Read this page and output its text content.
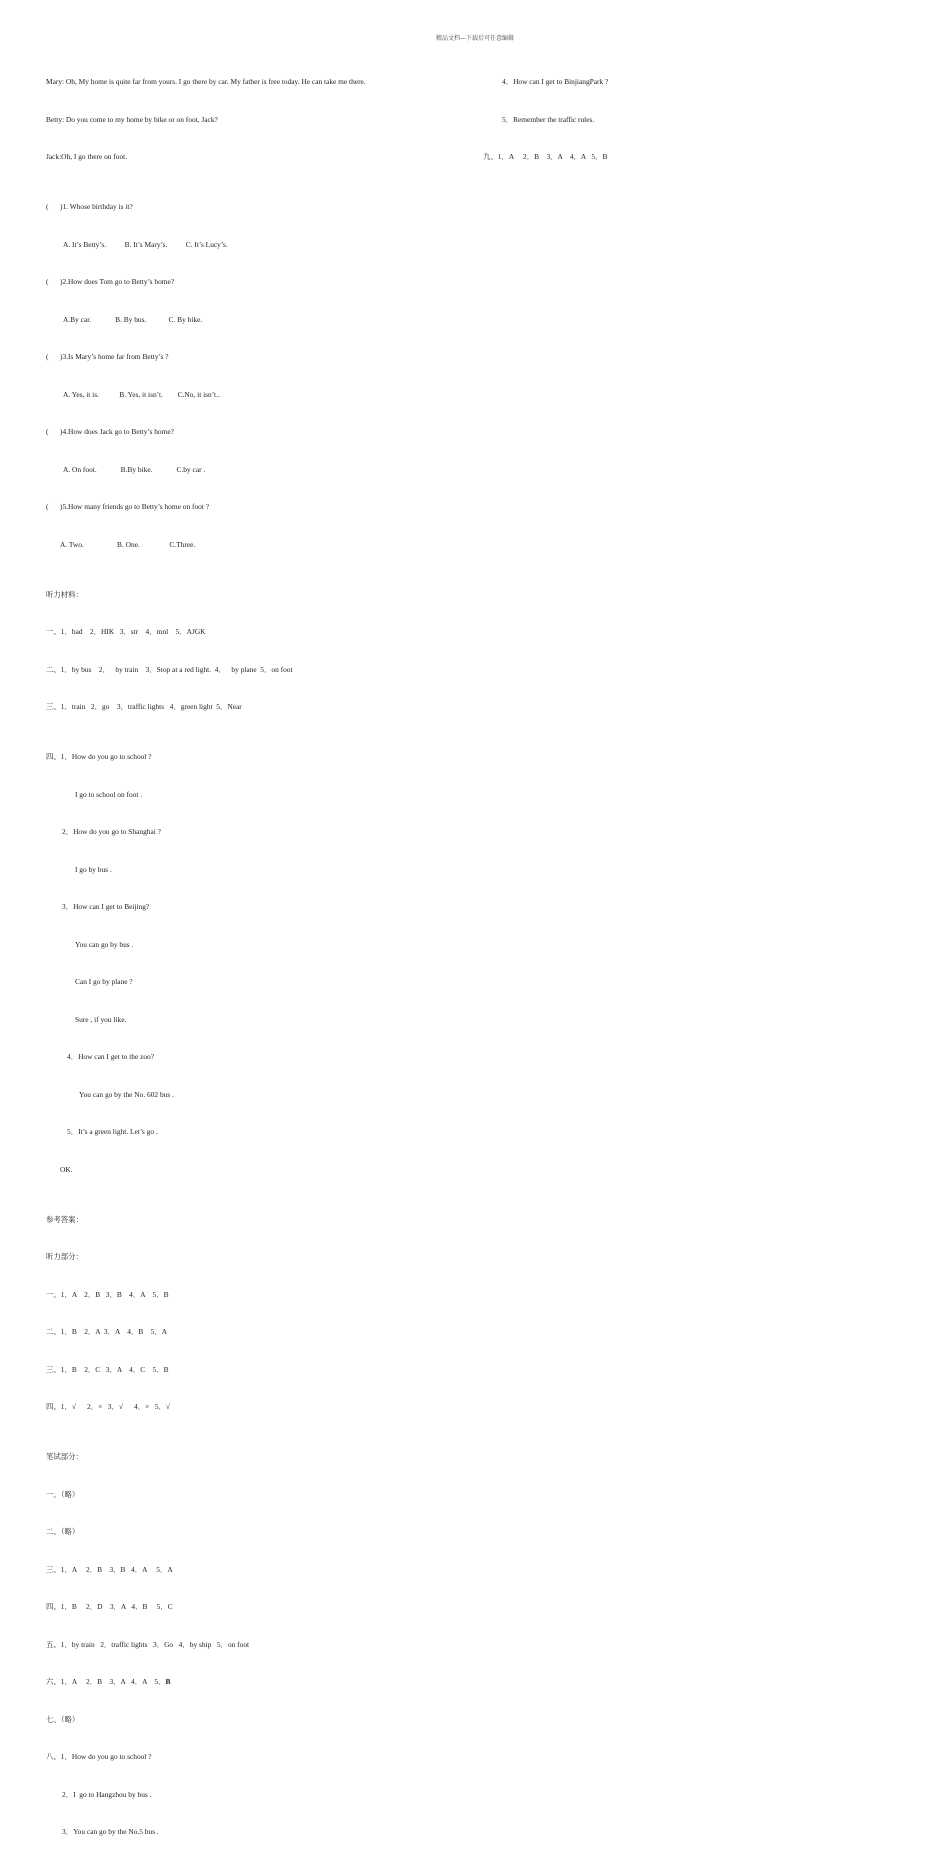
精品文档---下载后可任意编辑

Mary: Oh, My home is quite far from yours. I go there by car. My father is free today. He can take me there.

Betty: Do you come to my home by bike or on foot, Jack?

Jack:Oh, I go there on foot.

(	)1. Whose birthday is it?

A. It’s Betty’s.          B. It’s Mary’s.          C. It’s Lucy’s.

(	)2.How does Tom go to Betty’s home?

A.By car.             B. By bus.            C. By bike.

(	)3.Is Mary’s home far from Betty’s ?

A. Yes, it is.           B. Yes, it isn’t.        C.No, it isn’t..

(	)4.How does Jack go to Betty’s home?

A. On foot.             B.By bike.             C.by car .

(	)5.How many friends go to Betty’s home on foot ?

A. Two.                  B. One.                C.Three.

听力材料：

一、1．bad    2．HIK   3．str    4．mnl    5．AJGK

二、1．by bus    2．   by train    3．Stop at a red light.  4．   by plane  5．on foot

三、1．train   2．go    3．traffic lights   4．green light  5．Near

四、1．How do you go to school ?

I go to school on foot .

2．How do you go to Shanghai ?

I go by bus .

3．How can I get to Beijing?

You can go by bus .

Can I go by plane ?

Sure , if you like.

4．How can I get to the zoo?

You can go by the No. 602 bus .

5．It’s a green light. Let’s go .

OK.

参考答案：

听力部分：

一、1．A    2．B   3．B    4．A    5．B

二、1．B    2．A  3．A    4．B    5．A

三、1．B    2．C   3．A    4．C    5．B

四、1．√      2．×   3．√      4．×   5．√

笔试部分：

一、（略）

二、（略）

三、1．A     2．B    3．B   4．A     5．A

四、1．B     2．D    3．A   4．B     5．C

五、1．by train   2．traffic lights   3．Go   4．by ship   5．on foot

六、1．A     2．B    3．A   4．A    5．B

七、（略）

八、1．How do you go to school ?

2．I  go to Hangzhou by bus .

3．You can go by the No.5 bus .

4．How can I get to BinjiangPark ?

5．Remember the traffic rules.

九、1．A     2．B    3．A    4．A   5．B
